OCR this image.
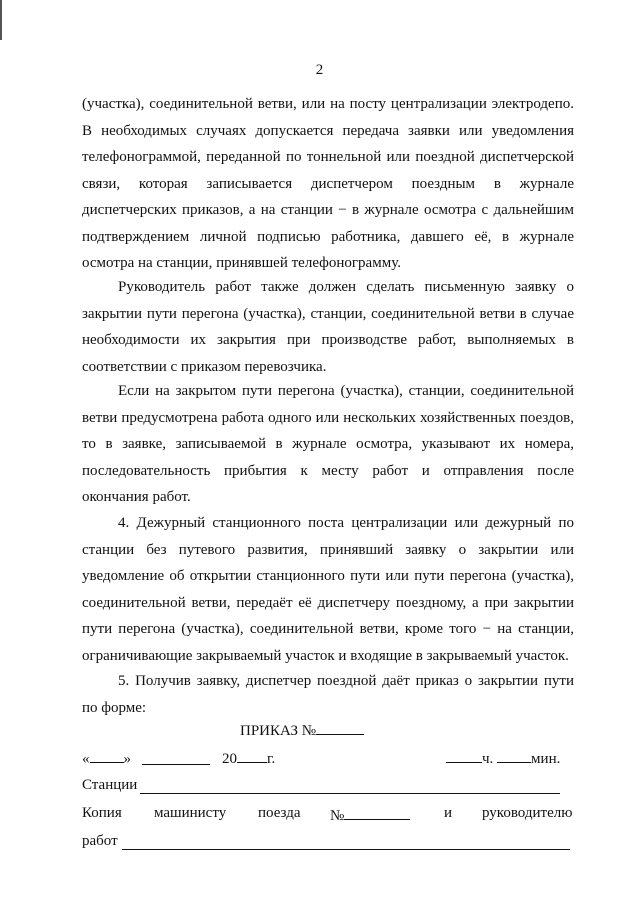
2

(участка), соединительной ветви, или на посту централизации электродепо. В необходимых случаях допускается передача заявки или уведомления телефонограммой, переданной по тоннельной или поездной диспетчерской связи, которая записывается диспетчером поездным в журнале диспетчерских приказов, а на станции − в журнале осмотра с дальнейшим подтверждением личной подписью работника, давшего её, в журнале осмотра на станции, принявшей телефонограмму.

Руководитель работ также должен сделать письменную заявку о закрытии пути перегона (участка), станции, соединительной ветви в случае необходимости их закрытия при производстве работ, выполняемых в соответствии с приказом перевозчика.

Если на закрытом пути перегона (участка), станции, соединительной ветви предусмотрена работа одного или нескольких хозяйственных поездов, то в заявке, записываемой в журнале осмотра, указывают их номера, последовательность прибытия к месту работ и отправления после окончания работ.

4. Дежурный станционного поста централизации или дежурный по станции без путевого развития, принявший заявку о закрытии или уведомление об открытии станционного пути или пути перегона (участка), соединительной ветви, передаёт её диспетчеру поездному, а при закрытии пути перегона (участка), соединительной ветви, кроме того − на станции, ограничивающие закрываемый участок и входящие в закрываемый участок.

5. Получив заявку, диспетчер поездной даёт приказ о закрытии пути по форме:

ПРИКАЗ №
« »	20 г.	ч.	мин.
Станции
Копия машинисту поезда №	и руководителю
работ
